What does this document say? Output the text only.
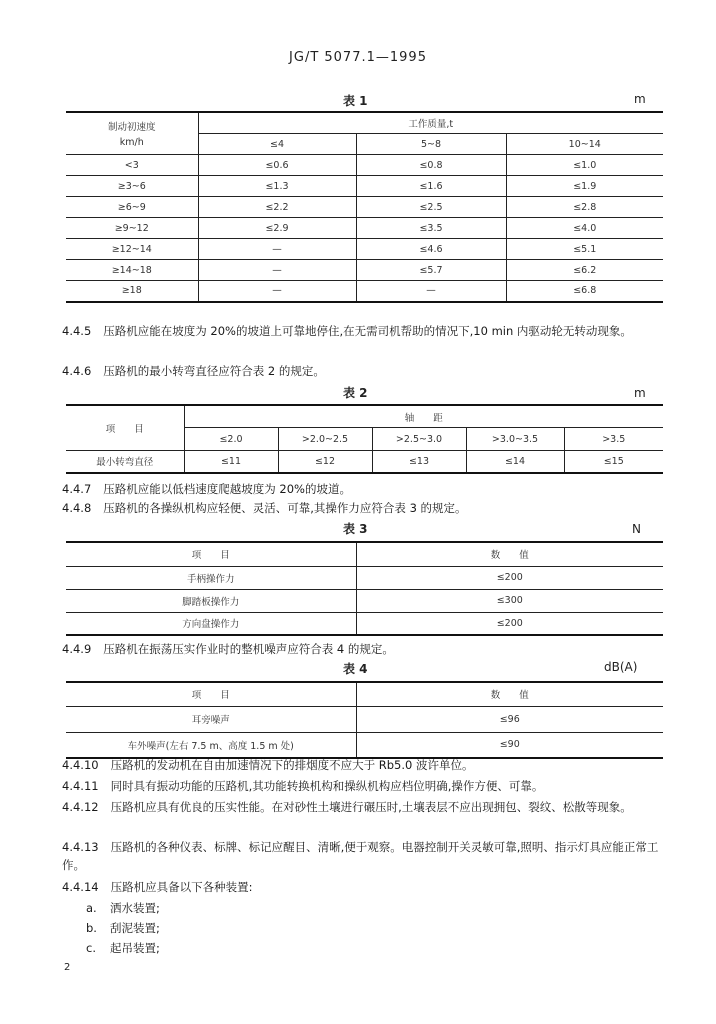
JG/T 5077.1—1995
表 1	m
制动初速度
km/h	工作质量,t		
	≤4	5~8	10~14
<3	≤0.6	≤0.8	≤1.0
≥3~6	≤1.3	≤1.6	≤1.9
≥6~9	≤2.2	≤2.5	≤2.8
≥9~12	≤2.9	≤3.5	≤4.0
≥12~14	—	≤4.6	≤5.1
≥14~18	—	≤5.7	≤6.2
≥18	—	—	≤6.8
4.4.5 压路机应能在坡度为 20%的坡道上可靠地停住,在无需司机帮助的情况下,10 min 内驱动轮无转动现象。
4.4.6 压路机的最小转弯直径应符合表 2 的规定。
表 2	m
项　　目	轴　　距				
	≤2.0	>2.0~2.5	>2.5~3.0	>3.0~3.5	>3.5
最小转弯直径	≤11	≤12	≤13	≤14	≤15
4.4.7 压路机应能以低档速度爬越坡度为 20%的坡道。
4.4.8 压路机的各操纵机构应轻便、灵活、可靠,其操作力应符合表 3 的规定。
表 3	N
项　　目	数　　值
手柄操作力	≤200
脚踏板操作力	≤300
方向盘操作力	≤200
4.4.9 压路机在振荡压实作业时的整机噪声应符合表 4 的规定。
表 4	dB(A)
项　　目	数　　值
耳旁噪声	≤96
车外噪声(左右 7.5 m、高度 1.5 m 处)	≤90
4.4.10 压路机的发动机在自由加速情况下的排烟度不应大于 Rb5.0 波许单位。
4.4.11 同时具有振动功能的压路机,其功能转换机构和操纵机构应档位明确,操作方便、可靠。
4.4.12 压路机应具有优良的压实性能。在对砂性土壤进行碾压时,土壤表层不应出现拥包、裂纹、松散等现象。
4.4.13 压路机的各种仪表、标牌、标记应醒目、清晰,便于观察。电器控制开关灵敏可靠,照明、指示灯具应能正常工作。
4.4.14 压路机应具备以下各种装置:
a. 洒水装置;
b. 刮泥装置;
c. 起吊装置;
2
